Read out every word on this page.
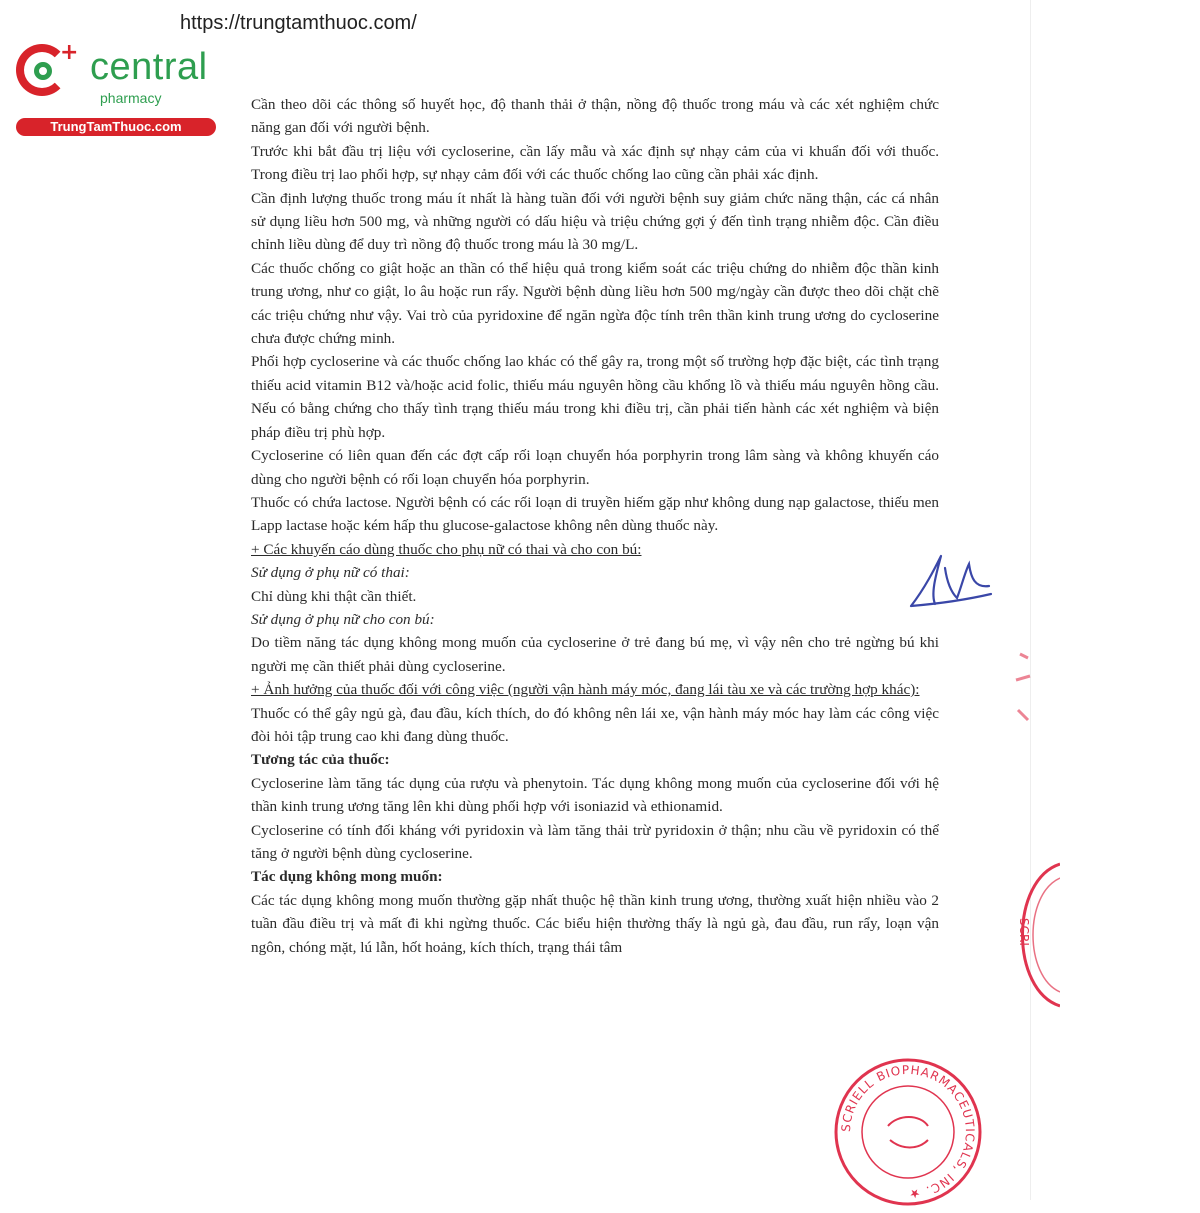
https://trungtamthuoc.com/
+ central
pharmacy
TrungTamThuoc.com

Cần theo dõi các thông số huyết học, độ thanh thải ở thận, nồng độ thuốc trong máu và các xét nghiệm chức năng gan đối với người bệnh.

Trước khi bắt đầu trị liệu với cycloserine, cần lấy mẫu và xác định sự nhạy cảm của vi khuẩn đối với thuốc. Trong điều trị lao phối hợp, sự nhạy cảm đối với các thuốc chống lao cũng cần phải xác định.

Cần định lượng thuốc trong máu ít nhất là hàng tuần đối với người bệnh suy giảm chức năng thận, các cá nhân sử dụng liều hơn 500 mg, và những người có dấu hiệu và triệu chứng gợi ý đến tình trạng nhiễm độc. Cần điều chỉnh liều dùng để duy trì nồng độ thuốc trong máu là 30 mg/L.

Các thuốc chống co giật hoặc an thần có thể hiệu quả trong kiểm soát các triệu chứng do nhiễm độc thần kinh trung ương, như co giật, lo âu hoặc run rẩy. Người bệnh dùng liều hơn 500 mg/ngày cần được theo dõi chặt chẽ các triệu chứng như vậy. Vai trò của pyridoxine để ngăn ngừa độc tính trên thần kinh trung ương do cycloserine chưa được chứng minh.

Phối hợp cycloserine và các thuốc chống lao khác có thể gây ra, trong một số trường hợp đặc biệt, các tình trạng thiếu acid vitamin B12 và/hoặc acid folic, thiếu máu nguyên hồng cầu khổng lồ và thiếu máu nguyên hồng cầu. Nếu có bằng chứng cho thấy tình trạng thiếu máu trong khi điều trị, cần phải tiến hành các xét nghiệm và biện pháp điều trị phù hợp.

Cycloserine có liên quan đến các đợt cấp rối loạn chuyển hóa porphyrin trong lâm sàng và không khuyến cáo dùng cho người bệnh có rối loạn chuyển hóa porphyrin.

Thuốc có chứa lactose. Người bệnh có các rối loạn di truyền hiếm gặp như không dung nạp galactose, thiếu men Lapp lactase hoặc kém hấp thu glucose-galactose không nên dùng thuốc này.

+ Các khuyến cáo dùng thuốc cho phụ nữ có thai và cho con bú:

Sử dụng ở phụ nữ có thai:

Chỉ dùng khi thật cần thiết.

Sử dụng ở phụ nữ cho con bú:

Do tiềm năng tác dụng không mong muốn của cycloserine ở trẻ đang bú mẹ, vì vậy nên cho trẻ ngừng bú khi người mẹ cần thiết phải dùng cycloserine.

+ Ảnh hưởng của thuốc đối với công việc (người vận hành máy móc, đang lái tàu xe và các trường hợp khác):

Thuốc có thể gây ngủ gà, đau đầu, kích thích, do đó không nên lái xe, vận hành máy móc hay làm các công việc đòi hỏi tập trung cao khi đang dùng thuốc.

Tương tác của thuốc:

Cycloserine làm tăng tác dụng của rượu và phenytoin. Tác dụng không mong muốn của cycloserine đối với hệ thần kinh trung ương tăng lên khi dùng phối hợp với isoniazid và ethionamid.

Cycloserine có tính đối kháng với pyridoxin và làm tăng thải trừ pyridoxin ở thận; nhu cầu về pyridoxin có thể tăng ở người bệnh dùng cycloserine.

Tác dụng không mong muốn:

Các tác dụng không mong muốn thường gặp nhất thuộc hệ thần kinh trung ương, thường xuất hiện nhiều vào 2 tuần đầu điều trị và mất đi khi ngừng thuốc. Các biểu hiện thường thấy là ngủ gà, đau đầu, run rẩy, loạn vận ngôn, chóng mặt, lú lẫn, hốt hoảng, kích thích, trạng thái tâm

SCRI
SCRIELL BIOPHARMACEUTICALS, INC. ★
